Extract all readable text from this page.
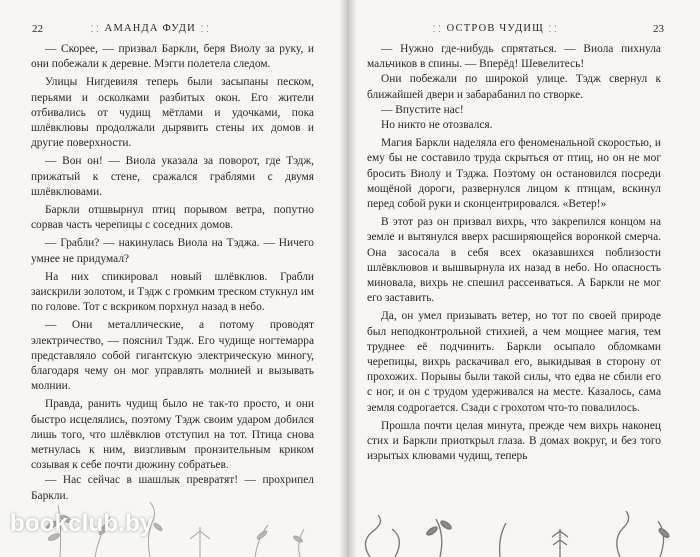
22	⸬ АМАНДА ФУДИ ⸬

— Скорее, — призвал Баркли, беря Виолу за руку, и они побежали к деревне. Мэгги полетела следом.

Улицы Нигдевиля теперь были засыпаны песком, перьями и осколками разбитых окон. Его жители отбивались от чудищ мётлами и удочками, пока шлёвклювы продолжали дырявить стены их домов и другие поверхности.

— Вон он! — Виола указала за поворот, где Тэдж, прижатый к стене, сражался граблями с двумя шлёвклювами.

Баркли отшвырнул птиц порывом ветра, попутно сорвав часть черепицы с соседних домов.

— Грабли? — накинулась Виола на Тэджа. — Ничего умнее не придумал?

На них спикировал новый шлёвклюв. Грабли заискрили золотом, и Тэдж с громким треском стукнул им по голове. Тот с вскриком порхнул назад в небо.

— Они металлические, а потому проводят электричество, — пояснил Тэдж. Его чудище ногтемарра представляло собой гигантскую электрическую миногу, благодаря чему он мог управлять молнией и вызывать молнии.

Правда, ранить чудищ было не так-то просто, и они быстро исцелялись, поэтому Тэдж своим ударом добился лишь того, что шлёвклюв отступил на тот. Птица снова метнулась к ним, визгливым пронзительным криком созывая к себе почти дюжину собратьев.

— Нас сейчас в шашлык превратят! — прохрипел Баркли.

⸬ ОСТРОВ ЧУДИЩ ⸬	23

— Нужно где-нибудь спрятаться. — Виола пихнула мальчиков в спины. — Вперёд! Шевелитесь!

Они побежали по широкой улице. Тэдж свернул к ближайшей двери и забарабанил по створке.

— Впустите нас!

Но никто не отозвался.

Магия Баркли наделяла его феноменальной скоростью, и ему бы не составило труда скрыться от птиц, но он не мог бросить Виолу и Тэджа. Поэтому он остановился посреди мощёной дороги, развернулся лицом к птицам, вскинул перед собой руки и сконцентрировался. «Ветер!»

В этот раз он призвал вихрь, что закрепился концом на земле и вытянулся вверх расширяющейся воронкой смерча. Она засосала в себя всех оказавшихся поблизости шлёвклювов и вышвырнула их назад в небо. Но опасность миновала, вихрь не спешил рассеиваться. А Баркли не мог его заставить.

Да, он умел призывать ветер, но тот по своей природе был неподконтрольной стихией, а чем мощнее магия, тем труднее её подчинить. Баркли осыпало обломками черепицы, вихрь раскачивал его, выкидывая в сторону от прохожих. Порывы были такой силы, что едва не сбили его с ног, и он с трудом удерживался на месте. Казалось, сама земля содрогается. Сзади с грохотом что-то повалилось.

Прошла почти целая минута, прежде чем вихрь наконец стих и Баркли приоткрыл глаза. В домах вокруг, и без того изрытых клювами чудищ, теперь

bookclub.by
